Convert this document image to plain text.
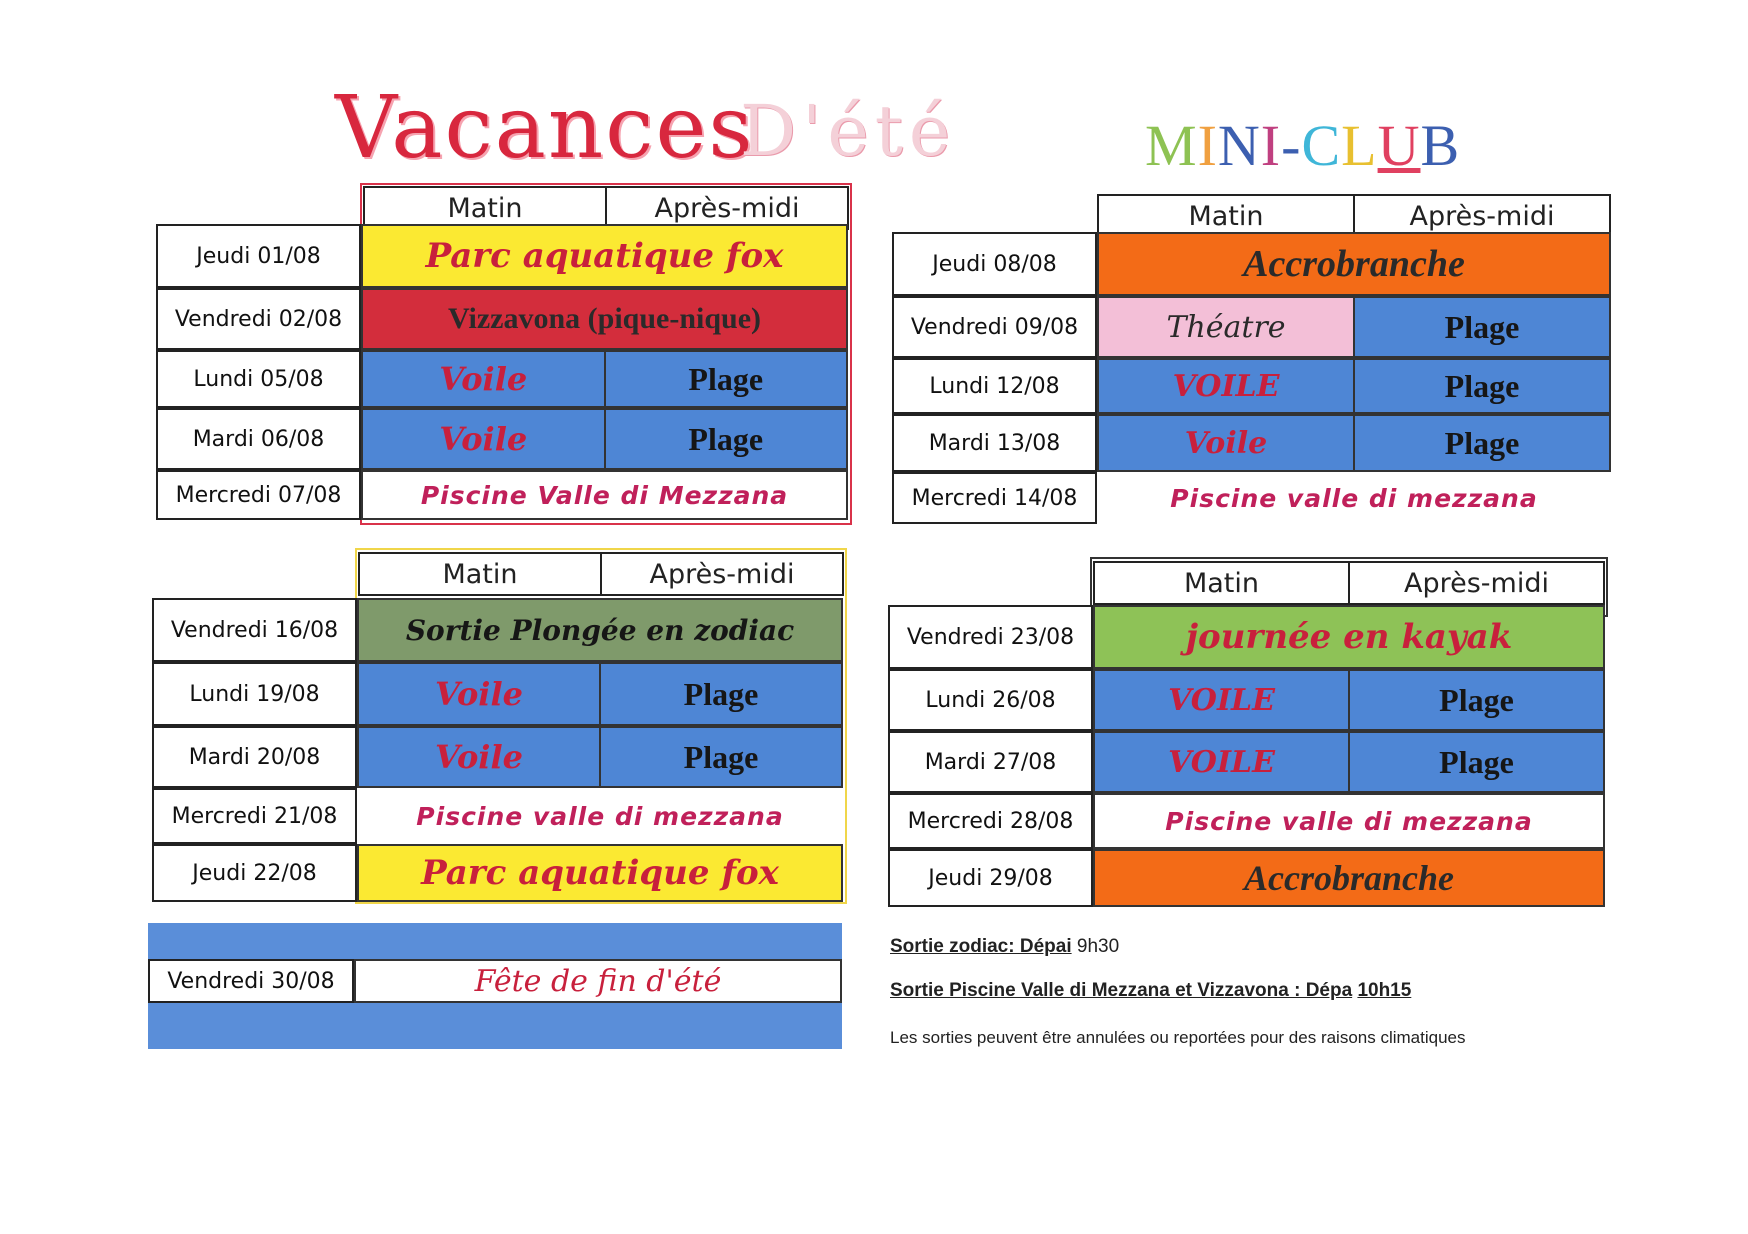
Vacances
D'été	MINI-CLUB
Matin	Après-midi
Jeudi 01/08	Parc aquatique fox
Vendredi 02/08	Vizzavona (pique-nique)
Lundi 05/08	Voile	Plage
Mardi 06/08	Voile	Plage
Mercredi 07/08	Piscine Valle di Mezzana
Matin	Après-midi
Jeudi 08/08	Accrobranche
Vendredi 09/08	Théatre	Plage
Lundi 12/08	VOILE	Plage
Mardi 13/08	Voile	Plage
Mercredi 14/08	Piscine valle di mezzana
Matin	Après-midi
Vendredi 16/08	Sortie Plongée en zodiac
Lundi 19/08	Voile	Plage
Mardi 20/08	Voile	Plage
Mercredi 21/08	Piscine valle di mezzana
Jeudi 22/08	Parc aquatique fox
Matin	Après-midi
Vendredi 23/08	journée en kayak
Lundi 26/08	VOILE	Plage
Mardi 27/08	VOILE	Plage
Mercredi 28/08	Piscine valle di mezzana
Jeudi 29/08	Accrobranche
Vendredi 30/08	Fête de fin d'été
Sortie zodiac: Dépai 9h30
Sortie Piscine Valle di Mezzana et Vizzavona : Dépa 10h15
Les sorties peuvent être annulées ou reportées pour des raisons climatiques
